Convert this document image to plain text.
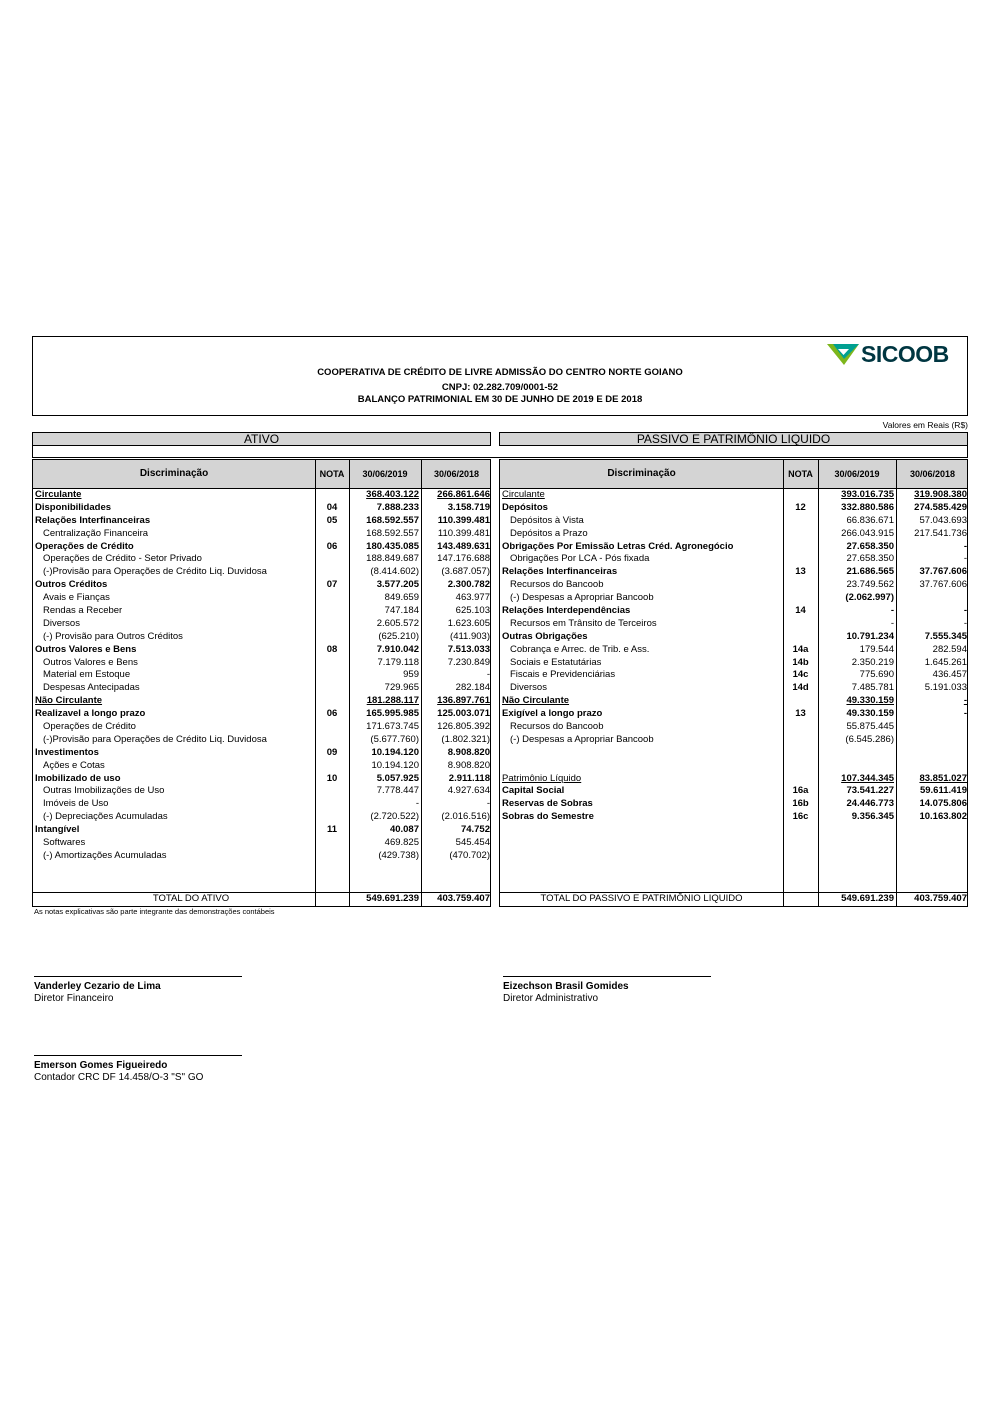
SICOOB
COOPERATIVA DE CRÉDITO DE LIVRE ADMISSÃO DO CENTRO NORTE GOIANO
CNPJ: 02.282.709/0001-52
BALANÇO PATRIMONIAL EM 30 DE JUNHO DE 2019 E DE 2018
Valores em Reais (R$)
ATIVO	PASSIVO E PATRIMÔNIO LIQUIDO
Discriminação	NOTA	30/06/2019	30/06/2018
Circulante	368.403.122	266.861.646
Disponibilidades	04	7.888.233	3.158.719
Relações Interfinanceiras	05	168.592.557	110.399.481
Centralização Financeira	168.592.557	110.399.481
Operações de Crédito	06	180.435.085	143.489.631
Operações de Crédito - Setor Privado	188.849.687	147.176.688
(-)Provisão para Operações de Crédito Liq. Duvidosa	(8.414.602)	(3.687.057)
Outros Créditos	07	3.577.205	2.300.782
Avais e Fianças	849.659	463.977
Rendas a Receber	747.184	625.103
Diversos	2.605.572	1.623.605
(-) Provisão para Outros Créditos	(625.210)	(411.903)
Outros Valores e Bens	08	7.910.042	7.513.033
Outros Valores e Bens	7.179.118	7.230.849
Material em Estoque	959	-
Despesas Antecipadas	729.965	282.184
Não Circulante	181.288.117	136.897.761
Realizavel a longo prazo	06	165.995.985	125.003.071
Operações de Crédito	171.673.745	126.805.392
(-)Provisão para Operações de Crédito Liq. Duvidosa	(5.677.760)	(1.802.321)
Investimentos	09	10.194.120	8.908.820
Ações e Cotas	10.194.120	8.908.820
Imobilizado de uso	10	5.057.925	2.911.118
Outras Imobilizações de Uso	7.778.447	4.927.634
Imóveis de Uso	-	-
(-) Depreciações Acumuladas	(2.720.522)	(2.016.516)
Intangível	11	40.087	74.752
Softwares	469.825	545.454
(-) Amortizações Acumuladas	(429.738)	(470.702)
TOTAL DO ATIVO	549.691.239	403.759.407
Discriminação	NOTA	30/06/2019	30/06/2018
Circulante	393.016.735	319.908.380
Depósitos	12	332.880.586	274.585.429
Depósitos à Vista	66.836.671	57.043.693
Depósitos a Prazo	266.043.915	217.541.736
Obrigações Por Emissão Letras Créd. Agronegócio	27.658.350	-
Obrigações Por LCA - Pós fixada	27.658.350	-
Relações Interfinanceiras	13	21.686.565	37.767.606
Recursos do Bancoob	23.749.562	37.767.606
(-) Despesas a Apropriar Bancoob	(2.062.997)
Relações Interdependências	14	-	-
Recursos em Trânsito de Terceiros	-	-
Outras Obrigações	10.791.234	7.555.345
Cobrança e Arrec. de Trib. e Ass.	14a	179.544	282.594
Sociais e Estatutárias	14b	2.350.219	1.645.261
Fiscais e Previdenciárias	14c	775.690	436.457
Diversos	14d	7.485.781	5.191.033
Não Circulante	49.330.159	-
Exigível a longo prazo	13	49.330.159	-
Recursos do Bancoob	55.875.445
(-) Despesas a Apropriar Bancoob	(6.545.286)
Patrimônio Líquido	107.344.345	83.851.027
Capital Social	16a	73.541.227	59.611.419
Reservas de Sobras	16b	24.446.773	14.075.806
Sobras do Semestre	16c	9.356.345	10.163.802
TOTAL DO PASSIVO E PATRIMÔNIO LIQUIDO	549.691.239	403.759.407
As notas explicativas são parte integrante das demonstrações contábeis
Vanderley Cezario de Lima
Diretor Financeiro
Eizechson Brasil Gomides
Diretor Administrativo
Emerson Gomes Figueiredo
Contador CRC DF 14.458/O-3 "S" GO
